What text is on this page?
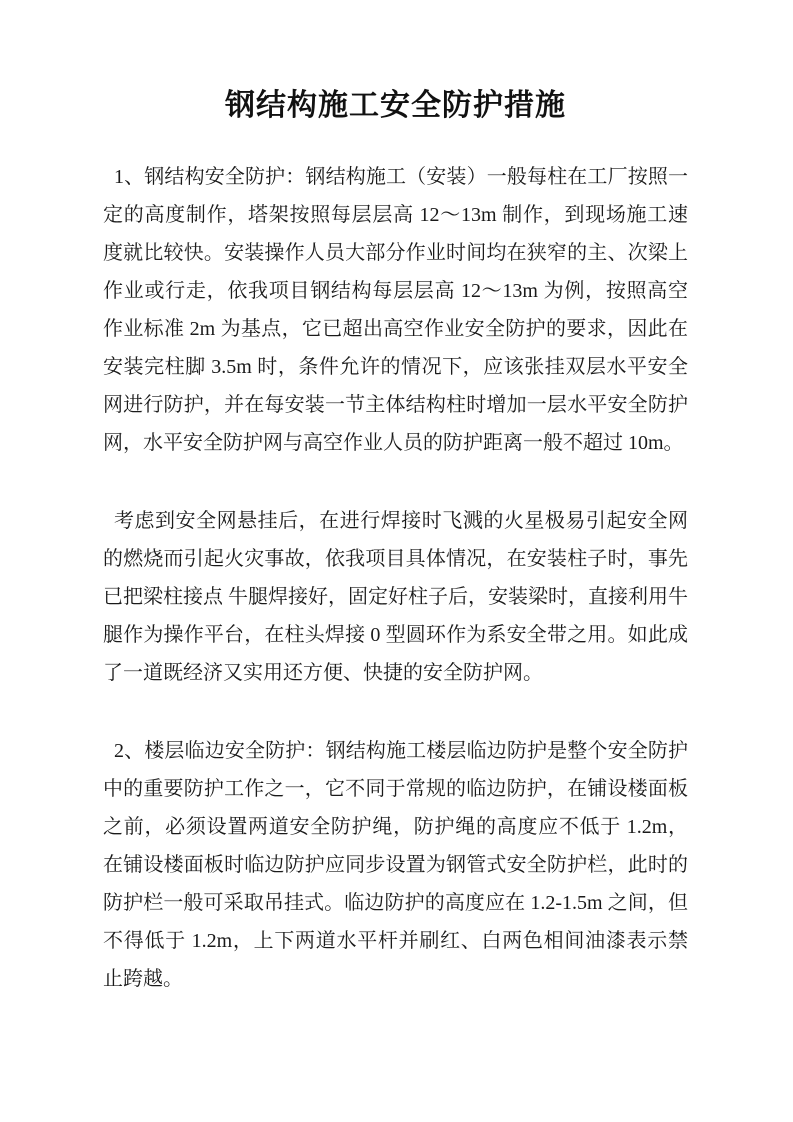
钢结构施工安全防护措施

1、钢结构安全防护：钢结构施工（安装）一般每柱在工厂按照一定的高度制作，塔架按照每层层高 12～13m 制作，到现场施工速度就比较快。安装操作人员大部分作业时间均在狭窄的主、次梁上作业或行走，依我项目钢结构每层层高 12～13m 为例，按照高空作业标准 2m 为基点，它已超出高空作业安全防护的要求，因此在安装完柱脚 3.5m 时，条件允许的情况下，应该张挂双层水平安全网进行防护，并在每安装一节主体结构柱时增加一层水平安全防护网，水平安全防护网与高空作业人员的防护距离一般不超过 10m。

考虑到安全网悬挂后，在进行焊接时飞溅的火星极易引起安全网的燃烧而引起火灾事故，依我项目具体情况，在安装柱子时，事先已把梁柱接点 牛腿焊接好，固定好柱子后，安装梁时，直接利用牛腿作为操作平台，在柱头焊接 0 型圆环作为系安全带之用。如此成了一道既经济又实用还方便、快捷的安全防护网。

2、楼层临边安全防护：钢结构施工楼层临边防护是整个安全防护中的重要防护工作之一，它不同于常规的临边防护，在铺设楼面板之前，必须设置两道安全防护绳，防护绳的高度应不低于 1.2m，在铺设楼面板时临边防护应同步设置为钢管式安全防护栏，此时的防护栏一般可采取吊挂式。临边防护的高度应在 1.2-1.5m 之间，但不得低于 1.2m，上下两道水平杆并刷红、白两色相间油漆表示禁止跨越。
